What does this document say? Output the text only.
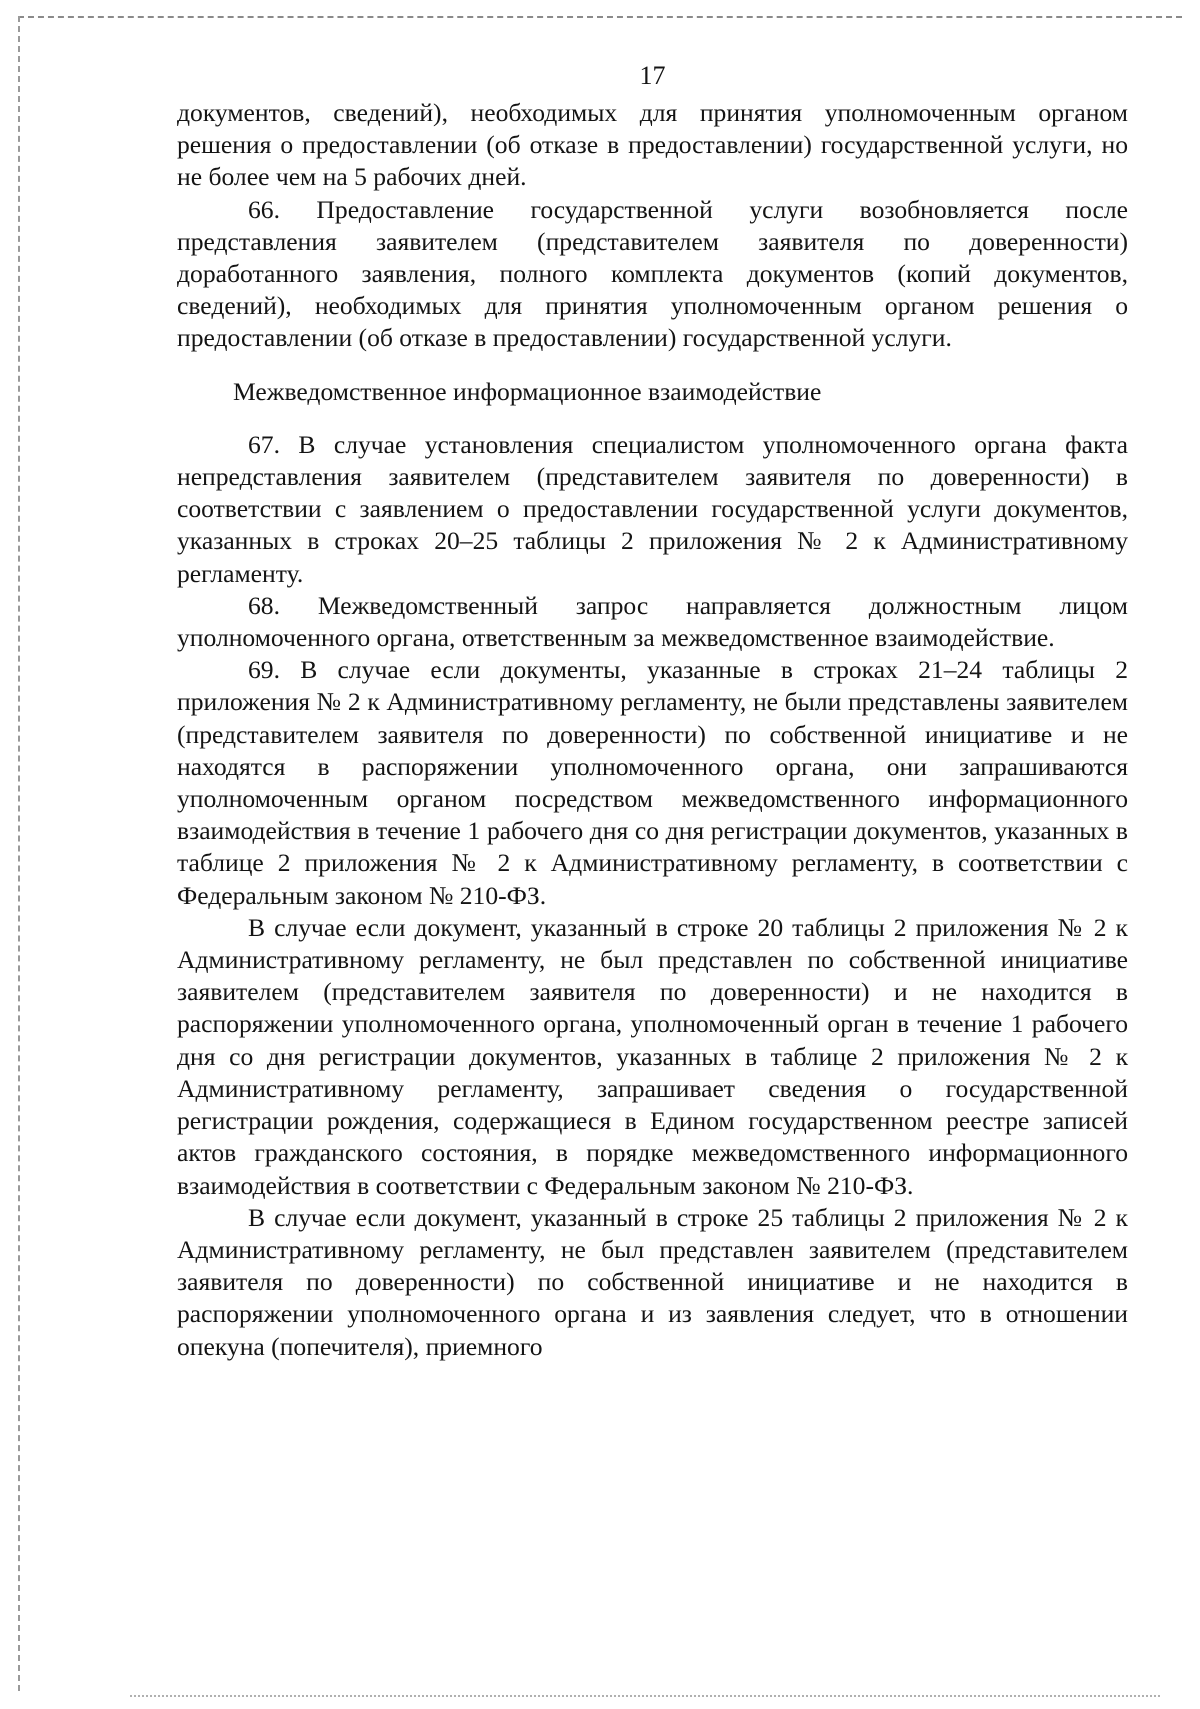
17

документов, сведений), необходимых для принятия уполномоченным органом решения о предоставлении (об отказе в предоставлении) государственной услуги, но не более чем на 5 рабочих дней.

66. Предоставление государственной услуги возобновляется после представления заявителем (представителем заявителя по доверенности) доработанного заявления, полного комплекта документов (копий документов, сведений), необходимых для принятия уполномоченным органом решения о предоставлении (об отказе в предоставлении) государственной услуги.

Межведомственное информационное взаимодействие

67. В случае установления специалистом уполномоченного органа факта непредставления заявителем (представителем заявителя по доверенности) в соответствии с заявлением о предоставлении государственной услуги документов, указанных в строках 20–25 таблицы 2 приложения № 2 к Административному регламенту.

68. Межведомственный запрос направляется должностным лицом уполномоченного органа, ответственным за межведомственное взаимодействие.

69. В случае если документы, указанные в строках 21–24 таблицы 2 приложения № 2 к Административному регламенту, не были представлены заявителем (представителем заявителя по доверенности) по собственной инициативе и не находятся в распоряжении уполномоченного органа, они запрашиваются уполномоченным органом посредством межведомственного информационного взаимодействия в течение 1 рабочего дня со дня регистрации документов, указанных в таблице 2 приложения № 2 к Административному регламенту, в соответствии с Федеральным законом № 210-ФЗ.

В случае если документ, указанный в строке 20 таблицы 2 приложения № 2 к Административному регламенту, не был представлен по собственной инициативе заявителем (представителем заявителя по доверенности) и не находится в распоряжении уполномоченного органа, уполномоченный орган в течение 1 рабочего дня со дня регистрации документов, указанных в таблице 2 приложения № 2 к Административному регламенту, запрашивает сведения о государственной регистрации рождения, содержащиеся в Едином государственном реестре записей актов гражданского состояния, в порядке межведомственного информационного взаимодействия в соответствии с Федеральным законом № 210-ФЗ.

В случае если документ, указанный в строке 25 таблицы 2 приложения № 2 к Административному регламенту, не был представлен заявителем (представителем заявителя по доверенности) по собственной инициативе и не находится в распоряжении уполномоченного органа и из заявления следует, что в отношении опекуна (попечителя), приемного
